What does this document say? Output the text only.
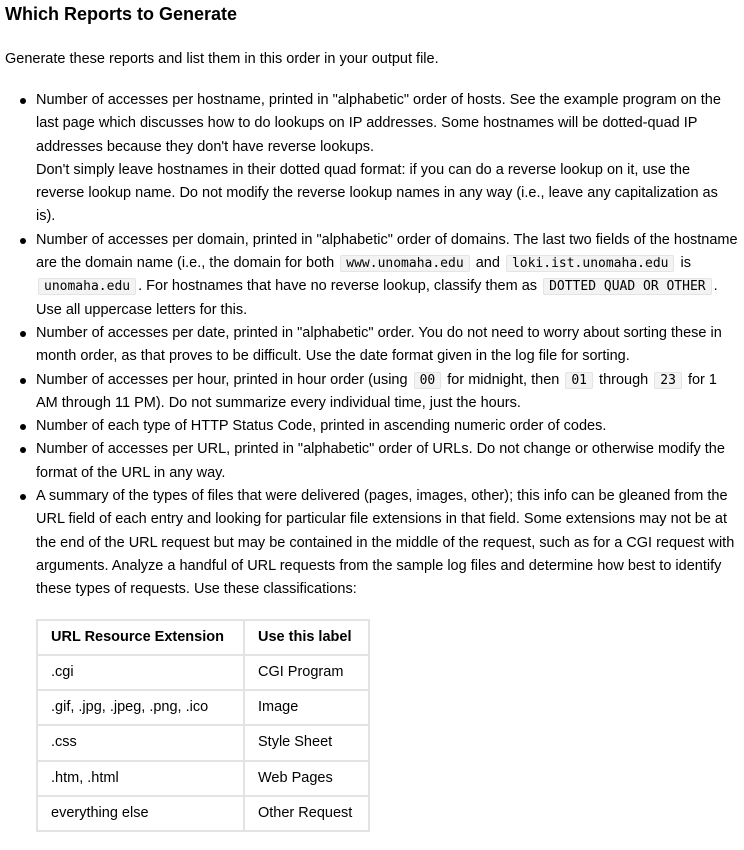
Which Reports to Generate

Generate these reports and list them in this order in your output file.

Number of accesses per hostname, printed in "alphabetic" order of hosts. See the example program on the last page which discusses how to do lookups on IP addresses. Some hostnames will be dotted-quad IP addresses because they don't have reverse lookups.
Don't simply leave hostnames in their dotted quad format: if you can do a reverse lookup on it, use the reverse lookup name. Do not modify the reverse lookup names in any way (i.e., leave any capitalization as is).
Number of accesses per domain, printed in "alphabetic" order of domains. The last two fields of the hostname are the domain name (i.e., the domain for both www.unomaha.edu and loki.ist.unomaha.edu is unomaha.edu . For hostnames that have no reverse lookup, classify them as DOTTED QUAD OR OTHER . Use all uppercase letters for this.
Number of accesses per date, printed in "alphabetic" order. You do not need to worry about sorting these in month order, as that proves to be difficult. Use the date format given in the log file for sorting.
Number of accesses per hour, printed in hour order (using 00 for midnight, then 01 through 23 for 1 AM through 11 PM). Do not summarize every individual time, just the hours.
Number of each type of HTTP Status Code, printed in ascending numeric order of codes.
Number of accesses per URL, printed in "alphabetic" order of URLs. Do not change or otherwise modify the format of the URL in any way.
A summary of the types of files that were delivered (pages, images, other); this info can be gleaned from the URL field of each entry and looking for particular file extensions in that field. Some extensions may not be at the end of the URL request but may be contained in the middle of the request, such as for a CGI request with arguments. Analyze a handful of URL requests from the sample log files and determine how best to identify these types of requests. Use these classifications:
URL Resource Extension	Use this label
.cgi	CGI Program
.gif, .jpg, .jpeg, .png, .ico	Image
.css	Style Sheet
.htm, .html	Web Pages
everything else	Other Request
